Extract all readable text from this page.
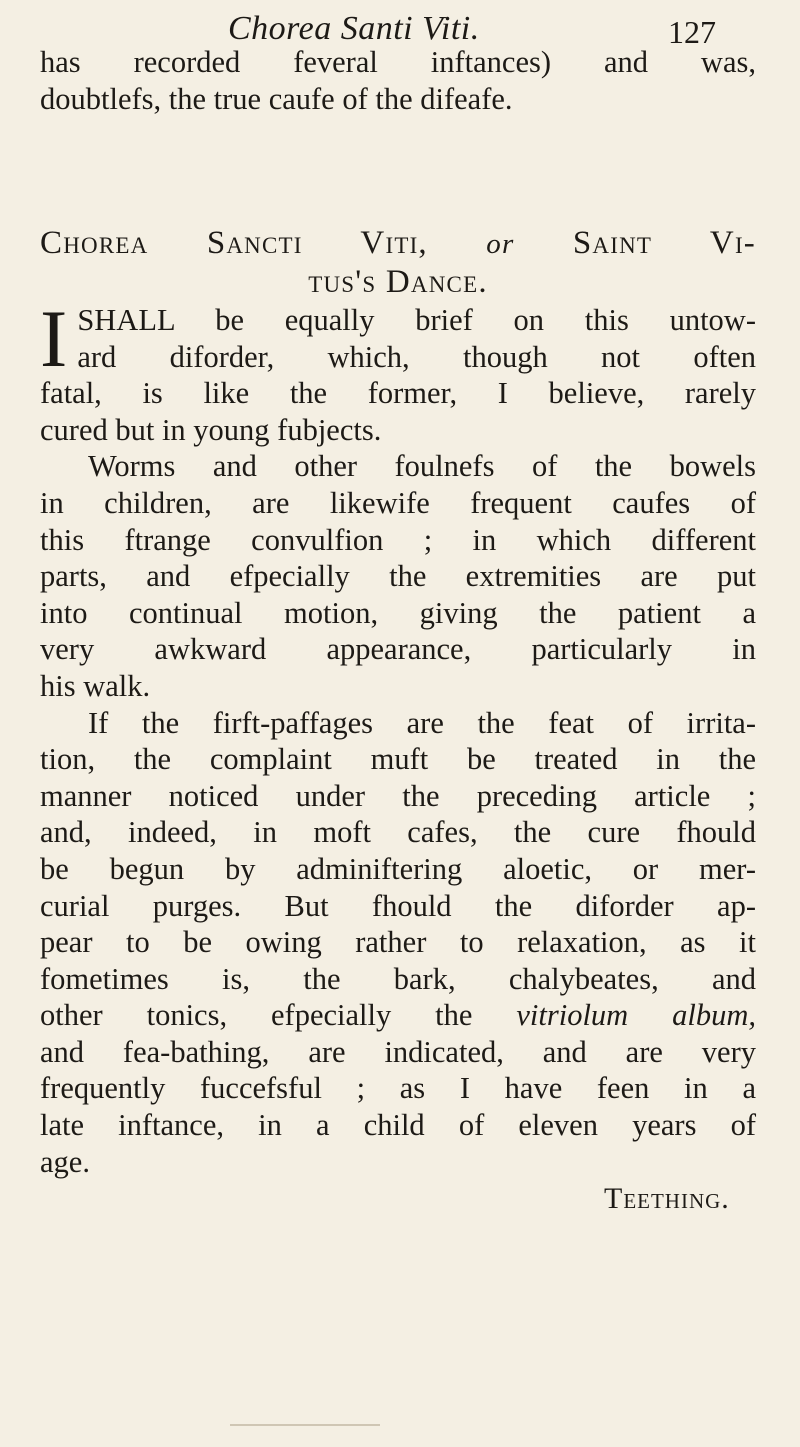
Chorea Santi Viti.	127
has recorded feveral inftances) and was,
doubtlefs, the true caufe of the difeafe.
Chorea Sancti Viti, or Saint Vi-
tus's Dance.
I SHALL be equally brief on this untow-
ard diforder, which, though not often
fatal, is like the former, I believe, rarely
cured but in young fubjects.
Worms and other foulnefs of the bowels
in children, are likewife frequent caufes of
this ftrange convulfion ; in which different
parts, and efpecially the extremities are put
into continual motion, giving the patient a
very awkward appearance, particularly in
his walk.
If the firft-paffages are the feat of irrita-
tion, the complaint muft be treated in the
manner noticed under the preceding article ;
and, indeed, in moft cafes, the cure fhould
be begun by adminiftering aloetic, or mer-
curial purges. But fhould the diforder ap-
pear to be owing rather to relaxation, as it
fometimes is, the bark, chalybeates, and
other tonics, efpecially the vitriolum album,
and fea-bathing, are indicated, and are very
frequently fuccefsful ; as I have feen in a
late inftance, in a child of eleven years of
age.
Teething.
